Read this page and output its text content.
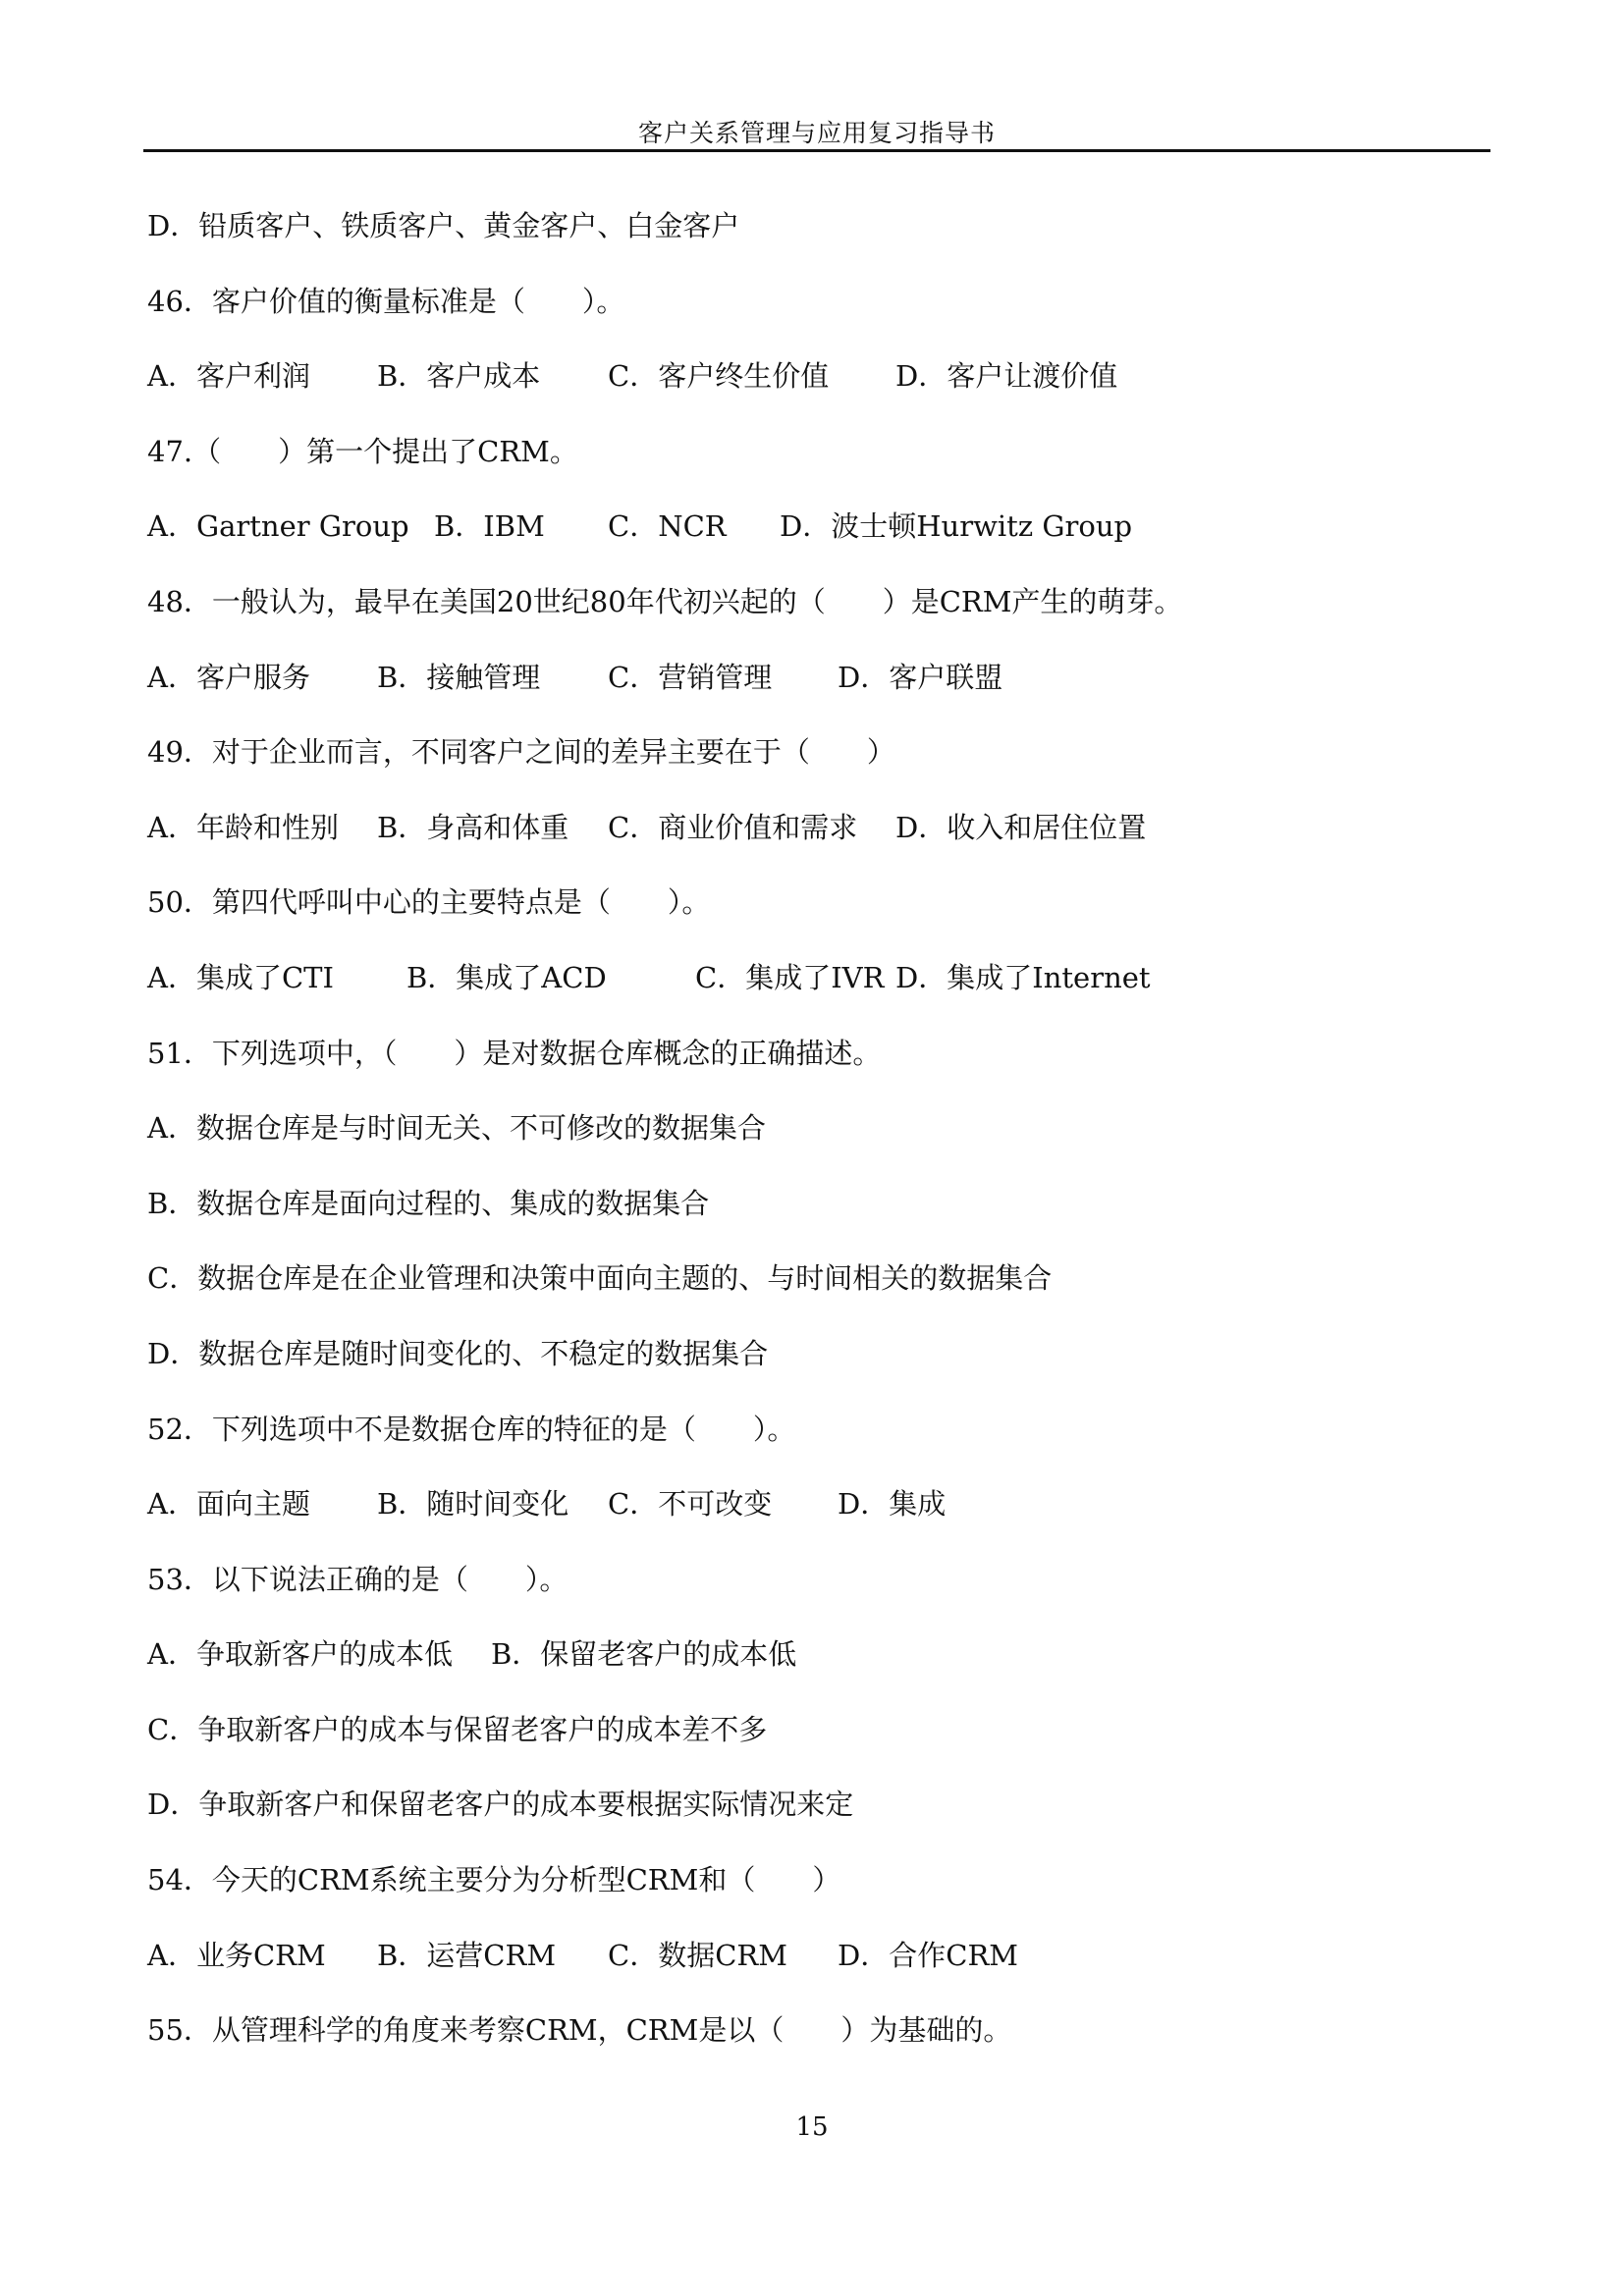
客户关系管理与应用复习指导书
D．铅质客户、铁质客户、黄金客户、白金客户
46．客户价值的衡量标准是（　　）。
A．客户利润	B．客户成本	C．客户终生价值	D．客户让渡价值
47.（　　）第一个提出了CRM。
A．Gartner Group B．IBM	C．NCR	D．波士顿Hurwitz Group
48．一般认为，最早在美国20世纪80年代初兴起的（　　）是CRM产生的萌芽。
A．客户服务	B．接触管理	C．营销管理	D．客户联盟
49．对于企业而言，不同客户之间的差异主要在于（　　）
A．年龄和性别	B．身高和体重	C．商业价值和需求	D．收入和居住位置
50．第四代呼叫中心的主要特点是（　　）。
A．集成了CTI	B．集成了ACD	C．集成了IVR D．集成了Internet
51．下列选项中，（　　）是对数据仓库概念的正确描述。
A．数据仓库是与时间无关、不可修改的数据集合
B．数据仓库是面向过程的、集成的数据集合
C．数据仓库是在企业管理和决策中面向主题的、与时间相关的数据集合
D．数据仓库是随时间变化的、不稳定的数据集合
52．下列选项中不是数据仓库的特征的是（　　）。
A．面向主题	B．随时间变化	C．不可改变	D．集成
53．以下说法正确的是（　　）。
A．争取新客户的成本低	B．保留老客户的成本低
C．争取新客户的成本与保留老客户的成本差不多
D．争取新客户和保留老客户的成本要根据实际情况来定
54．今天的CRM系统主要分为分析型CRM和（　　）
A．业务CRM	B．运营CRM	C．数据CRM	D．合作CRM
55．从管理科学的角度来考察CRM，CRM是以（　　）为基础的。
15
